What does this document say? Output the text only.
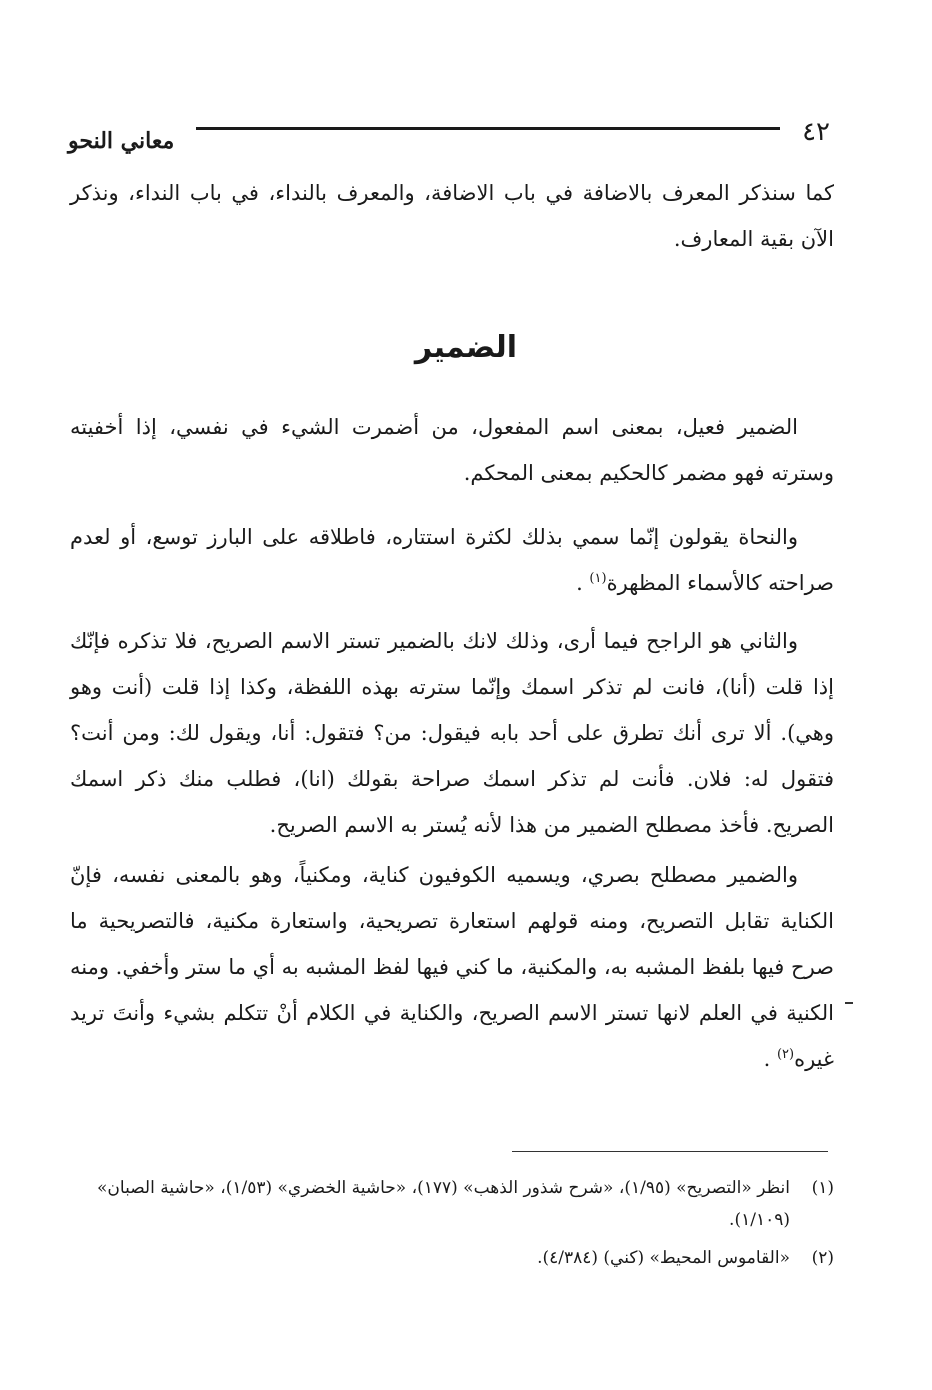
٤٢
معاني النحو

كما سنذكر المعرف بالاضافة في باب الاضافة، والمعرف بالنداء، في باب النداء، ونذكر الآن بقية المعارف.

الضمير

الضمير فعيل، بمعنى اسم المفعول، من أضمرت الشيء في نفسي، إذا أخفيته وسترته فهو مضمر كالحكيم بمعنى المحكم.

والنحاة يقولون إنّما سمي بذلك لكثرة استتاره، فاطلاقه على البارز توسع، أو لعدم صراحته كالأسماء المظهرة$^{(١)}$ .

والثاني هو الراجح فيما أرى، وذلك لانك بالضمير تستر الاسم الصريح، فلا تذكره فإنّك إذا قلت (أنا)، فانت لم تذكر اسمك وإنّما سترته بهذه اللفظة، وكذا إذا قلت (أنت وهو وهي). ألا ترى أنك تطرق على أحد بابه فيقول: من؟ فتقول: أنا، ويقول لك: ومن أنت؟ فتقول له: فلان. فأنت لم تذكر اسمك صراحة بقولك (انا)، فطلب منك ذكر اسمك الصريح. فأخذ مصطلح الضمير من هذا لأنه يُستر به الاسم الصريح.

والضمير مصطلح بصري، ويسميه الكوفيون كناية، ومكنياً، وهو بالمعنى نفسه، فإنّ الكناية تقابل التصريح، ومنه قولهم استعارة تصريحية، واستعارة مكنية، فالتصريحية ما صرح فيها بلفظ المشبه به، والمكنية، ما كني فيها لفظ المشبه به أي ما ستر وأخفي. ومنه الكنية في العلم لانها تستر الاسم الصريح، والكناية في الكلام أنْ تتكلم بشيء وأنتَ تريد غيره$^{(٢)}$ .

(١)
انظر «التصريح» (١/٩٥)، «شرح شذور الذهب» (١٧٧)، «حاشية الخضري» (١/٥٣)، «حاشية الصبان» (١/١٠٩).
(٢)
«القاموس المحيط» (كني) (٤/٣٨٤).
